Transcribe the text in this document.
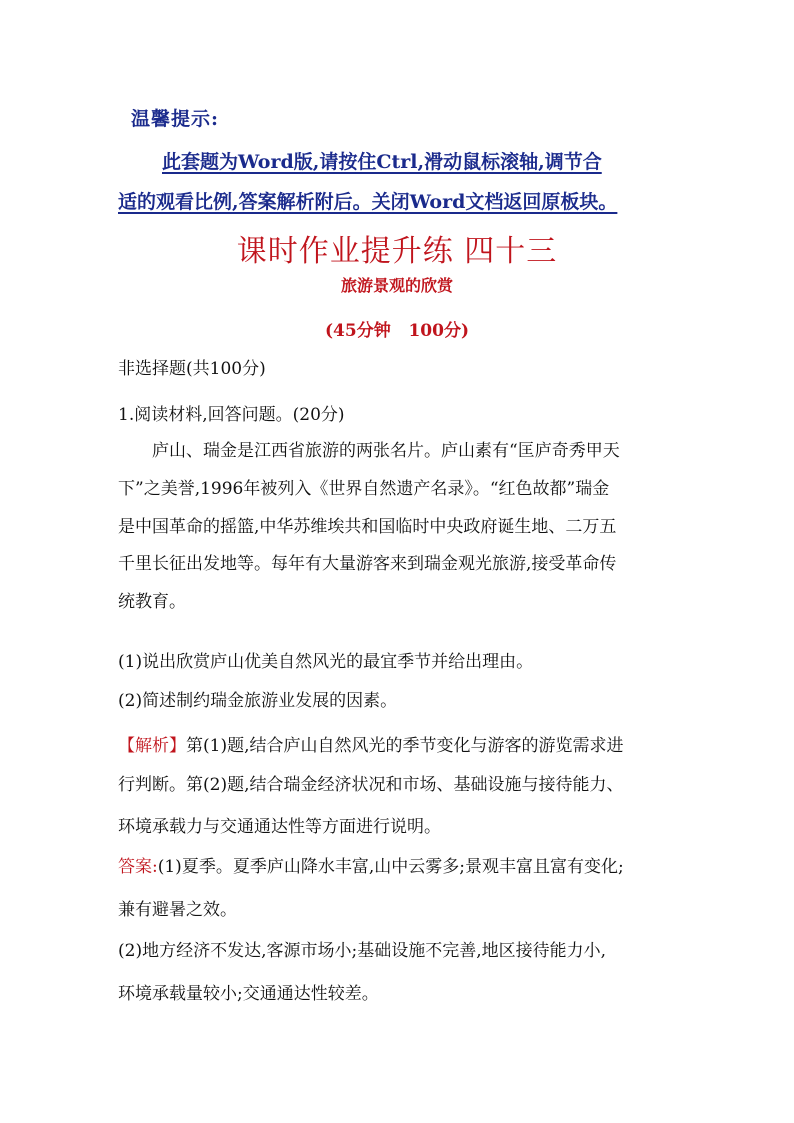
温馨提示:
此套题为Word版,请按住Ctrl,滑动鼠标滚轴,调节合
适的观看比例,答案解析附后。关闭Word文档返回原板块。
课时作业提升练 四十三
旅游景观的欣赏
(45分钟   100分)
非选择题(共100分)
1.阅读材料,回答问题。(20分)
庐山、瑞金是江西省旅游的两张名片。庐山素有“匡庐奇秀甲天
下”之美誉,1996年被列入《世界自然遗产名录》。“红色故都”瑞金
是中国革命的摇篮,中华苏维埃共和国临时中央政府诞生地、二万五
千里长征出发地等。每年有大量游客来到瑞金观光旅游,接受革命传
统教育。
(1)说出欣赏庐山优美自然风光的最宜季节并给出理由。
(2)简述制约瑞金旅游业发展的因素。
【解析】第(1)题,结合庐山自然风光的季节变化与游客的游览需求进
行判断。第(2)题,结合瑞金经济状况和市场、基础设施与接待能力、
环境承载力与交通通达性等方面进行说明。
答案:(1)夏季。夏季庐山降水丰富,山中云雾多;景观丰富且富有变化;
兼有避暑之效。
(2)地方经济不发达,客源市场小;基础设施不完善,地区接待能力小,
环境承载量较小;交通通达性较差。
